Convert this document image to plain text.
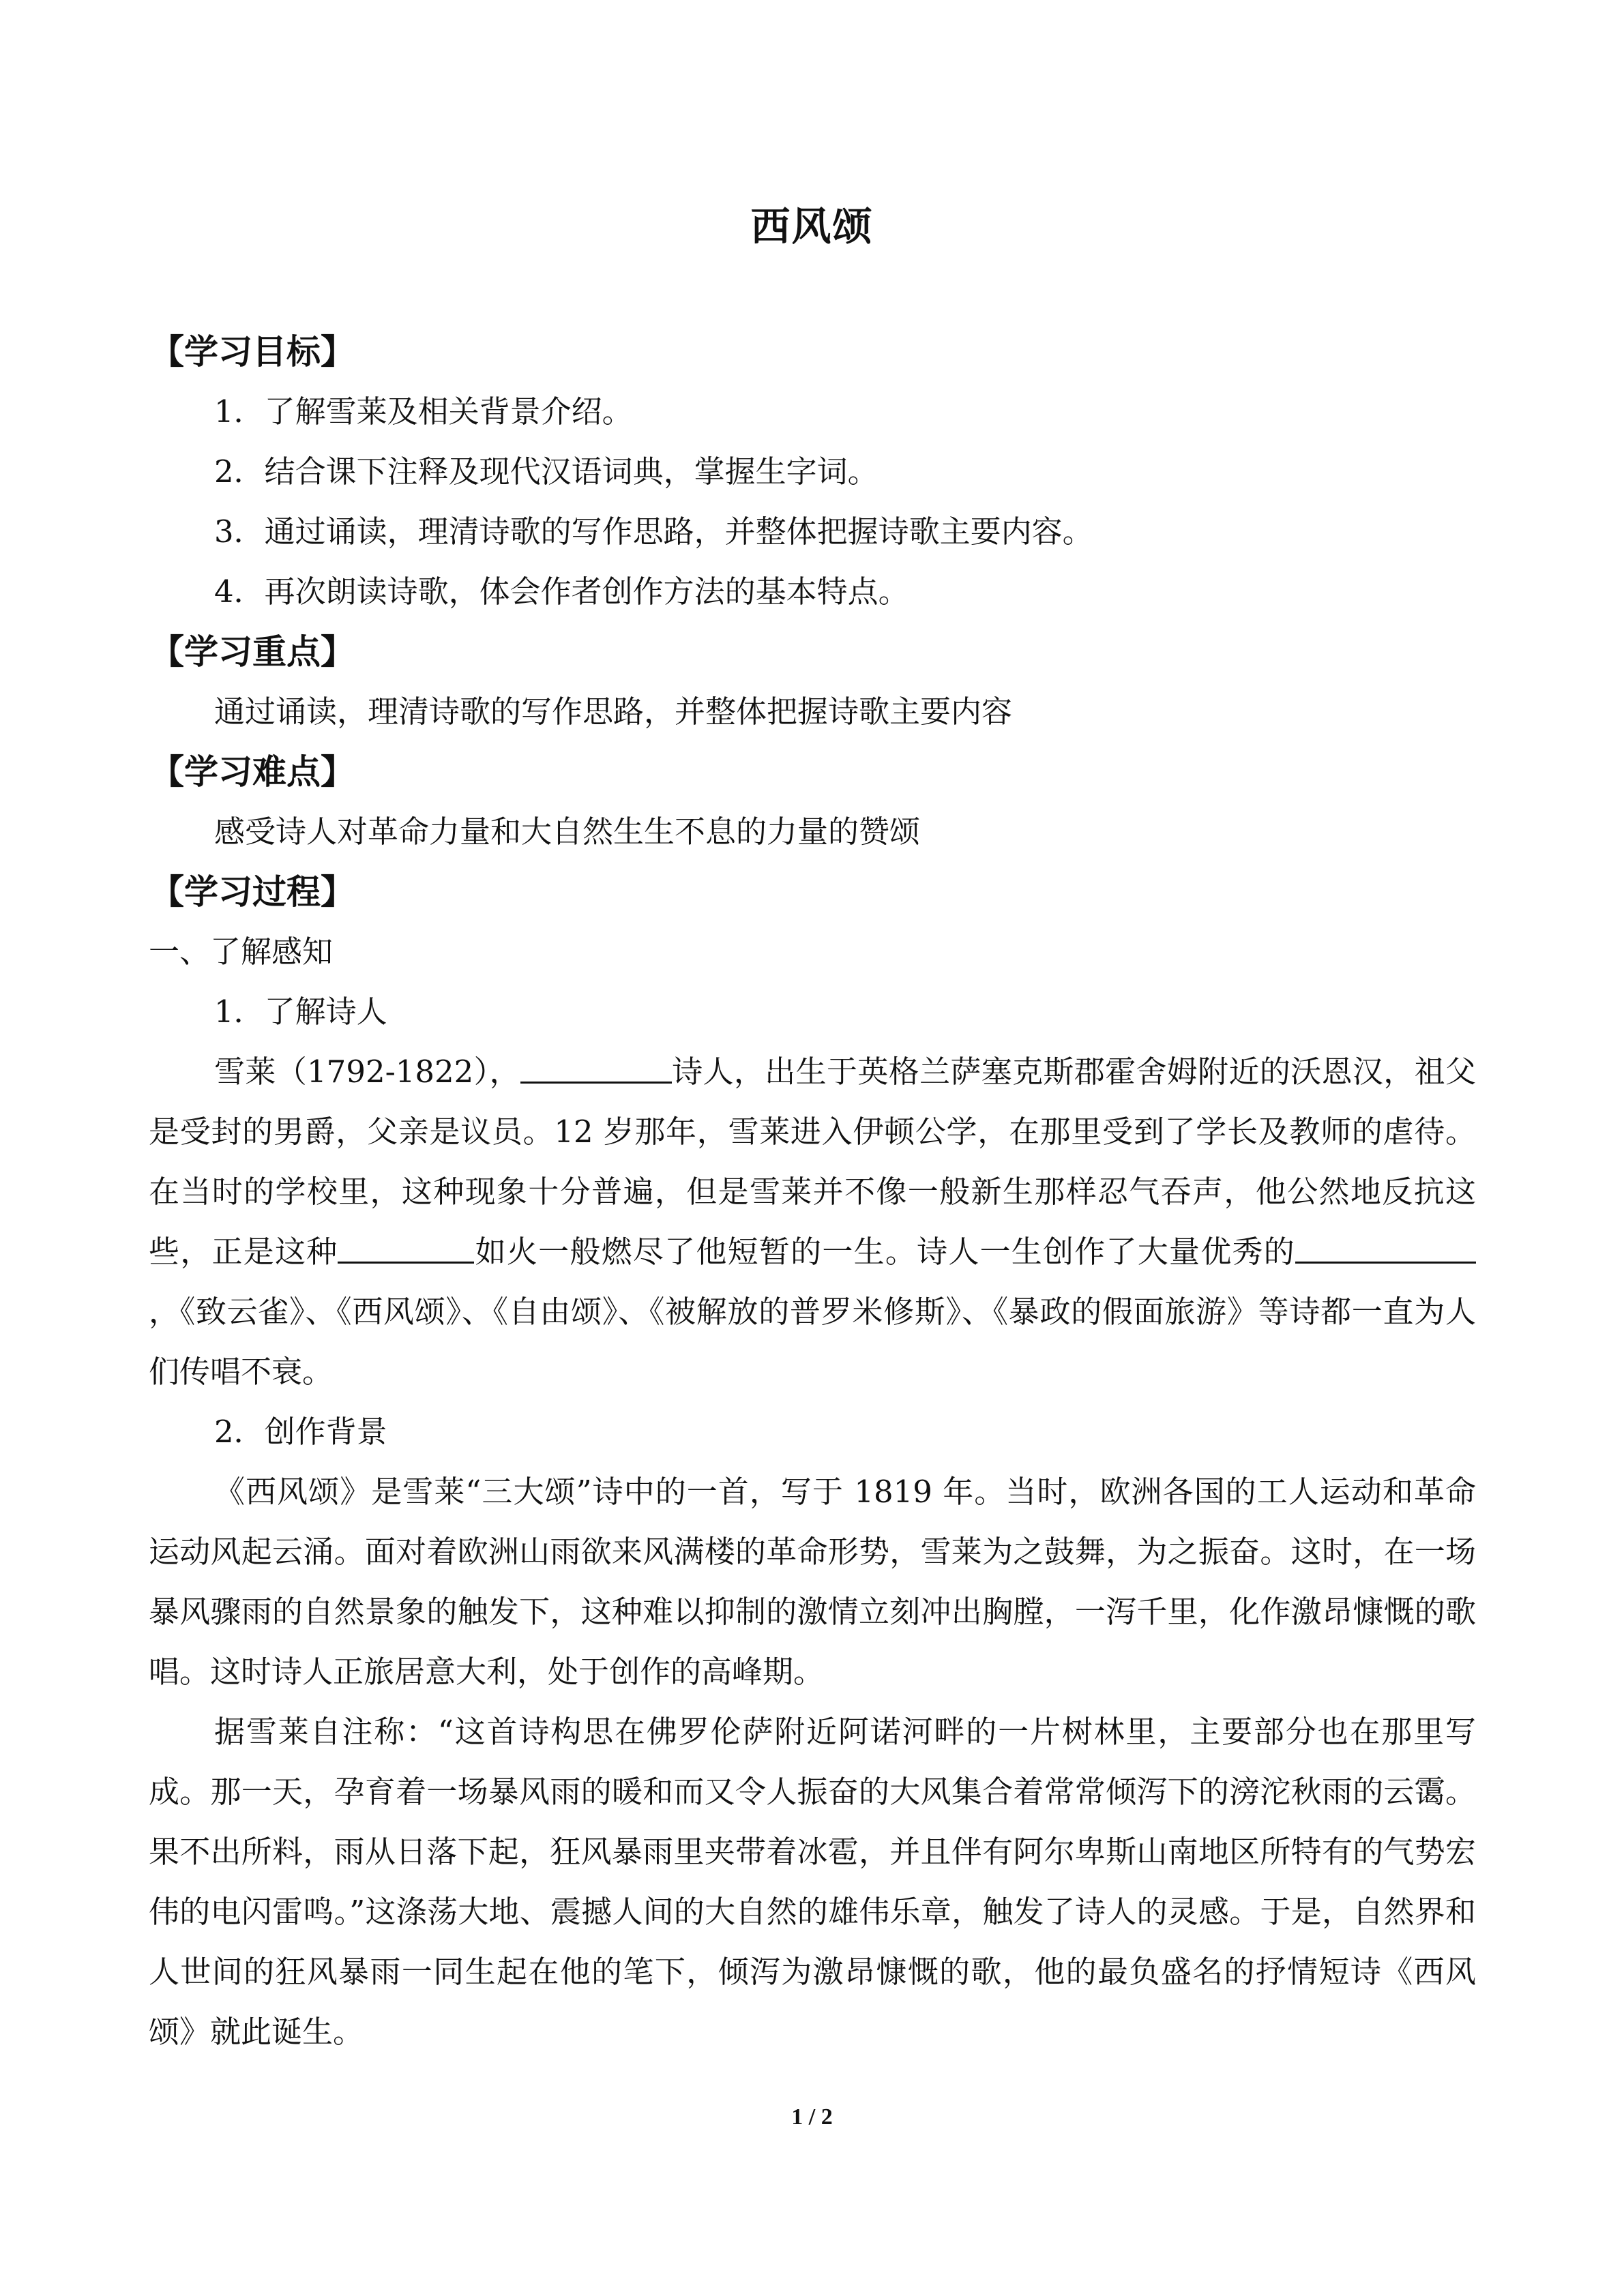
西风颂
【学习目标】
1．了解雪莱及相关背景介绍。
2．结合课下注释及现代汉语词典，掌握生字词。
3．通过诵读，理清诗歌的写作思路，并整体把握诗歌主要内容。
4．再次朗读诗歌，体会作者创作方法的基本特点。
【学习重点】
通过诵读，理清诗歌的写作思路，并整体把握诗歌主要内容
【学习难点】
感受诗人对革命力量和大自然生生不息的力量的赞颂
【学习过程】
一、了解感知
1．了解诗人
雪莱（1792-1822），	诗人，出生于英格兰萨塞克斯郡霍舍姆附近的沃恩汉，祖父是受封的男爵，父亲是议员。12 岁那年，雪莱进入伊顿公学，在那里受到了学长及教师的虐待。在当时的学校里，这种现象十分普遍，但是雪莱并不像一般新生那样忍气吞声，他公然地反抗这些，正是这种	如火一般燃尽了他短暂的一生。诗人一生创作了大量优秀的，《致云雀》、《西风颂》、《自由颂》、《被解放的普罗米修斯》、《暴政的假面旅游》等诗都一直为人们传唱不衰。
2．创作背景
《西风颂》是雪莱“三大颂”诗中的一首，写于 1819 年。当时，欧洲各国的工人运动和革命运动风起云涌。面对着欧洲山雨欲来风满楼的革命形势，雪莱为之鼓舞，为之振奋。这时，在一场暴风骤雨的自然景象的触发下，这种难以抑制的激情立刻冲出胸膛，一泻千里，化作激昂慷慨的歌唱。这时诗人正旅居意大利，处于创作的高峰期。
据雪莱自注称：“这首诗构思在佛罗伦萨附近阿诺河畔的一片树林里，主要部分也在那里写成。那一天，孕育着一场暴风雨的暖和而又令人振奋的大风集合着常常倾泻下的滂沱秋雨的云霭。果不出所料，雨从日落下起，狂风暴雨里夹带着冰雹，并且伴有阿尔卑斯山南地区所特有的气势宏伟的电闪雷鸣。”这涤荡大地、震撼人间的大自然的雄伟乐章，触发了诗人的灵感。于是，自然界和人世间的狂风暴雨一同生起在他的笔下，倾泻为激昂慷慨的歌，他的最负盛名的抒情短诗《西风颂》就此诞生。
1 / 2
